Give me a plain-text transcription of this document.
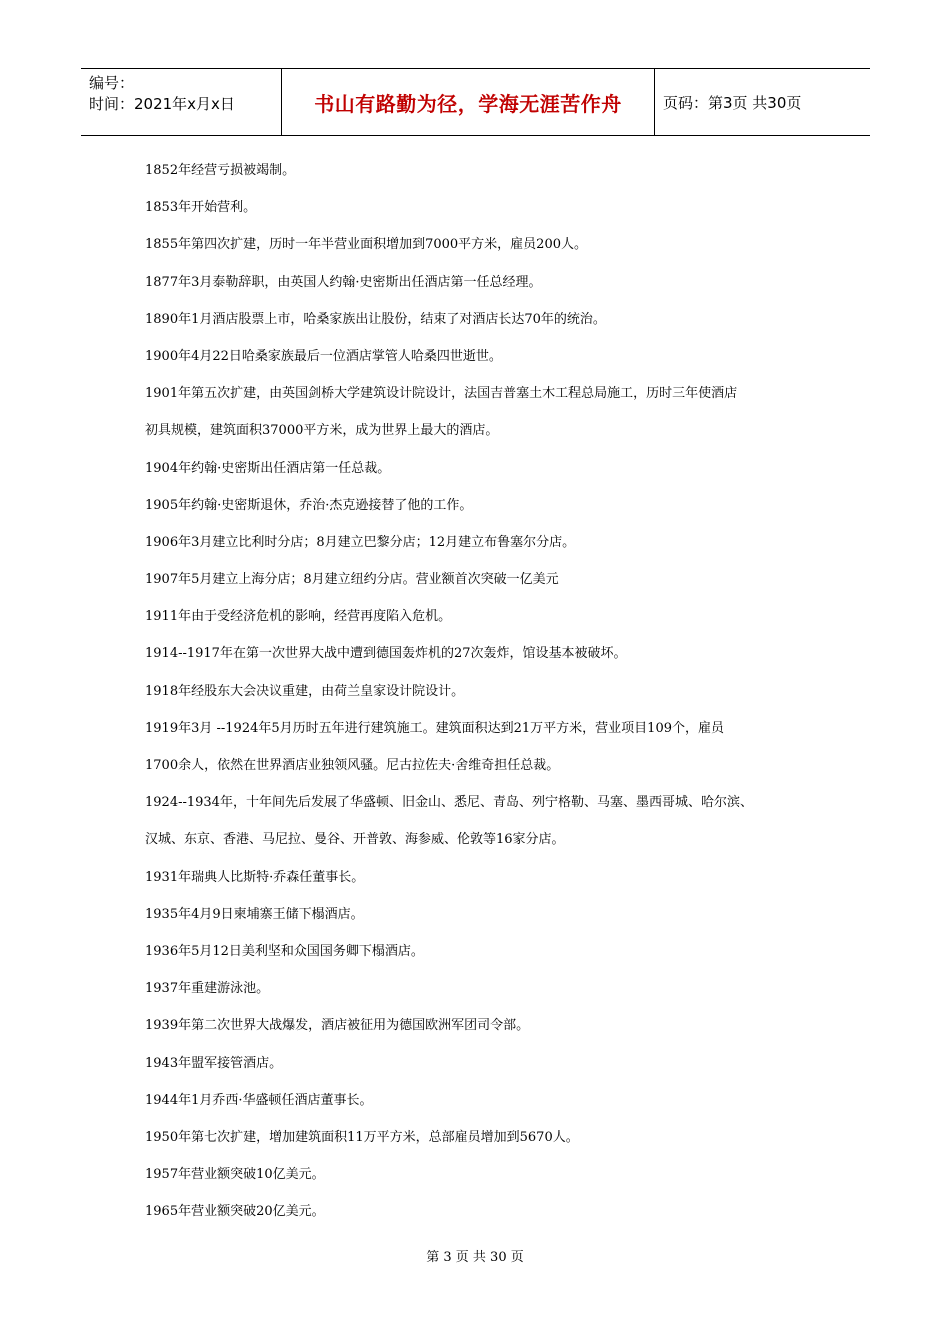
编号：
时间：2021年x月x日	书山有路勤为径，学海无涯苦作舟	页码：第3页 共30页
1852年经营亏损被竭制。
1853年开始营利。
1855年第四次扩建，历时一年半营业面积增加到7000平方米，雇员200人。
1877年3月泰勒辞职，由英国人约翰·史密斯出任酒店第一任总经理。
1890年1月酒店股票上市，哈桑家族出让股份，结束了对酒店长达70年的统治。
1900年4月22日哈桑家族最后一位酒店掌管人哈桑四世逝世。
1901年第五次扩建，由英国剑桥大学建筑设计院设计，法国吉普塞土木工程总局施工，历时三年使酒店
初具规模，建筑面积37000平方米，成为世界上最大的酒店。
1904年约翰·史密斯出任酒店第一任总裁。
1905年约翰·史密斯退休，乔治·杰克逊接替了他的工作。
1906年3月建立比利时分店；8月建立巴黎分店；12月建立布鲁塞尔分店。
1907年5月建立上海分店；8月建立纽约分店。营业额首次突破一亿美元
1911年由于受经济危机的影响，经营再度陷入危机。
1914--1917年在第一次世界大战中遭到德国轰炸机的27次轰炸，馆设基本被破坏。
1918年经股东大会决议重建，由荷兰皇家设计院设计。
1919年3月 --1924年5月历时五年进行建筑施工。建筑面积达到21万平方米，营业项目109个，雇员
1700余人，依然在世界酒店业独领风骚。尼古拉佐夫·舍维奇担任总裁。
1924--1934年，十年间先后发展了华盛顿、旧金山、悉尼、青岛、列宁格勒、马塞、墨西哥城、哈尔滨、
汉城、东京、香港、马尼拉、曼谷、开普敦、海参威、伦敦等16家分店。
1931年瑞典人比斯特·乔森任董事长。
1935年4月9日柬埔寨王储下榻酒店。
1936年5月12日美利坚和众国国务卿下榻酒店。
1937年重建游泳池。
1939年第二次世界大战爆发，酒店被征用为德国欧洲军团司令部。
1943年盟军接管酒店。
1944年1月乔西·华盛顿任酒店董事长。
1950年第七次扩建，增加建筑面积11万平方米，总部雇员增加到5670人。
1957年营业额突破10亿美元。
1965年营业额突破20亿美元。
第 3 页 共 30 页
